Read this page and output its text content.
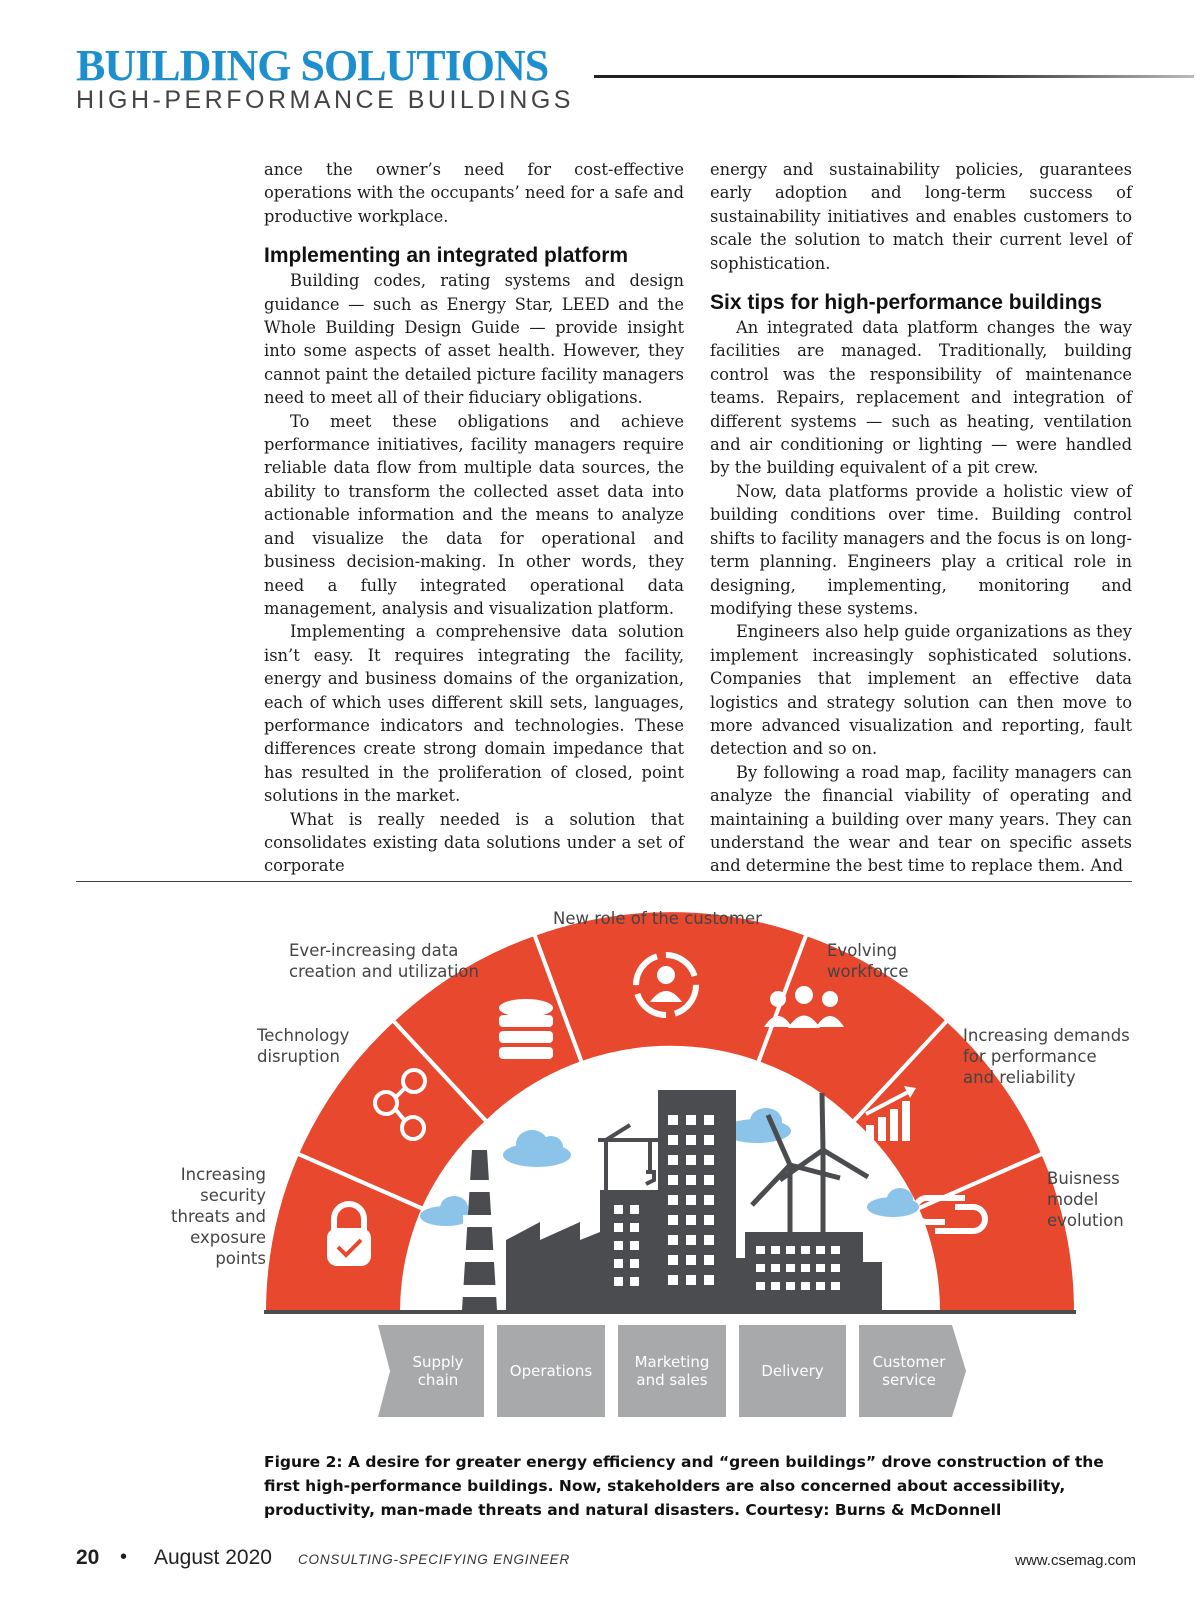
BUILDING SOLUTIONS
HIGH-PERFORMANCE BUILDINGS

ance the owner’s need for cost-effective operations with the occupants’ need for a safe and productive workplace.

Implementing an integrated platform

Building codes, rating systems and design guidance — such as Energy Star, LEED and the Whole Building Design Guide — provide insight into some aspects of asset health. However, they cannot paint the detailed picture facility managers need to meet all of their fiduciary obligations.

To meet these obligations and achieve performance initiatives, facility managers require reliable data flow from multiple data sources, the ability to transform the collected asset data into actionable information and the means to analyze and visualize the data for operational and business decision-making. In other words, they need a fully integrated operational data management, analysis and visualization platform.

Implementing a comprehensive data solution isn’t easy. It requires integrating the facility, energy and business domains of the organization, each of which uses different skill sets, languages, performance indicators and technologies. These differences create strong domain impedance that has resulted in the proliferation of closed, point solutions in the market.

What is really needed is a solution that consolidates existing data solutions under a set of corporate

energy and sustainability policies, guarantees early adoption and long-term success of sustainability initiatives and enables customers to scale the solution to match their current level of sophistication.

Six tips for high-performance buildings

An integrated data platform changes the way facilities are managed. Traditionally, building control was the responsibility of maintenance teams. Repairs, replacement and integration of different systems — such as heating, ventilation and air conditioning or lighting — were handled by the building equivalent of a pit crew.

Now, data platforms provide a holistic view of building conditions over time. Building control shifts to facility managers and the focus is on long-term planning. Engineers play a critical role in designing, implementing, monitoring and modifying these systems.

Engineers also help guide organizations as they implement increasingly sophisticated solutions. Companies that implement an effective data logistics and strategy solution can then move to more advanced visualization and reporting, fault detection and so on.

By following a road map, facility managers can analyze the financial viability of operating and maintaining a building over many years. They can understand the wear and tear on specific assets and determine the best time to replace them. And

Increasing
security
threats and
exposure
points
Technology
disruption
Ever-increasing data
creation and utilization
New role of the customer
Evolving
workforce
Increasing demands
for performance
and reliability
Buisness
model
evolution
Supply
chain	Operations	Marketing
and sales	Delivery	Customer
service
Figure 2: A desire for greater energy efficiency and “green buildings” drove construction of the first high-performance buildings. Now, stakeholders are also concerned about accessibility, productivity, man-made threats and natural disasters. Courtesy: Burns & McDonnell
20 • August 2020 CONSULTING-SPECIFYING ENGINEER	www.csemag.com
